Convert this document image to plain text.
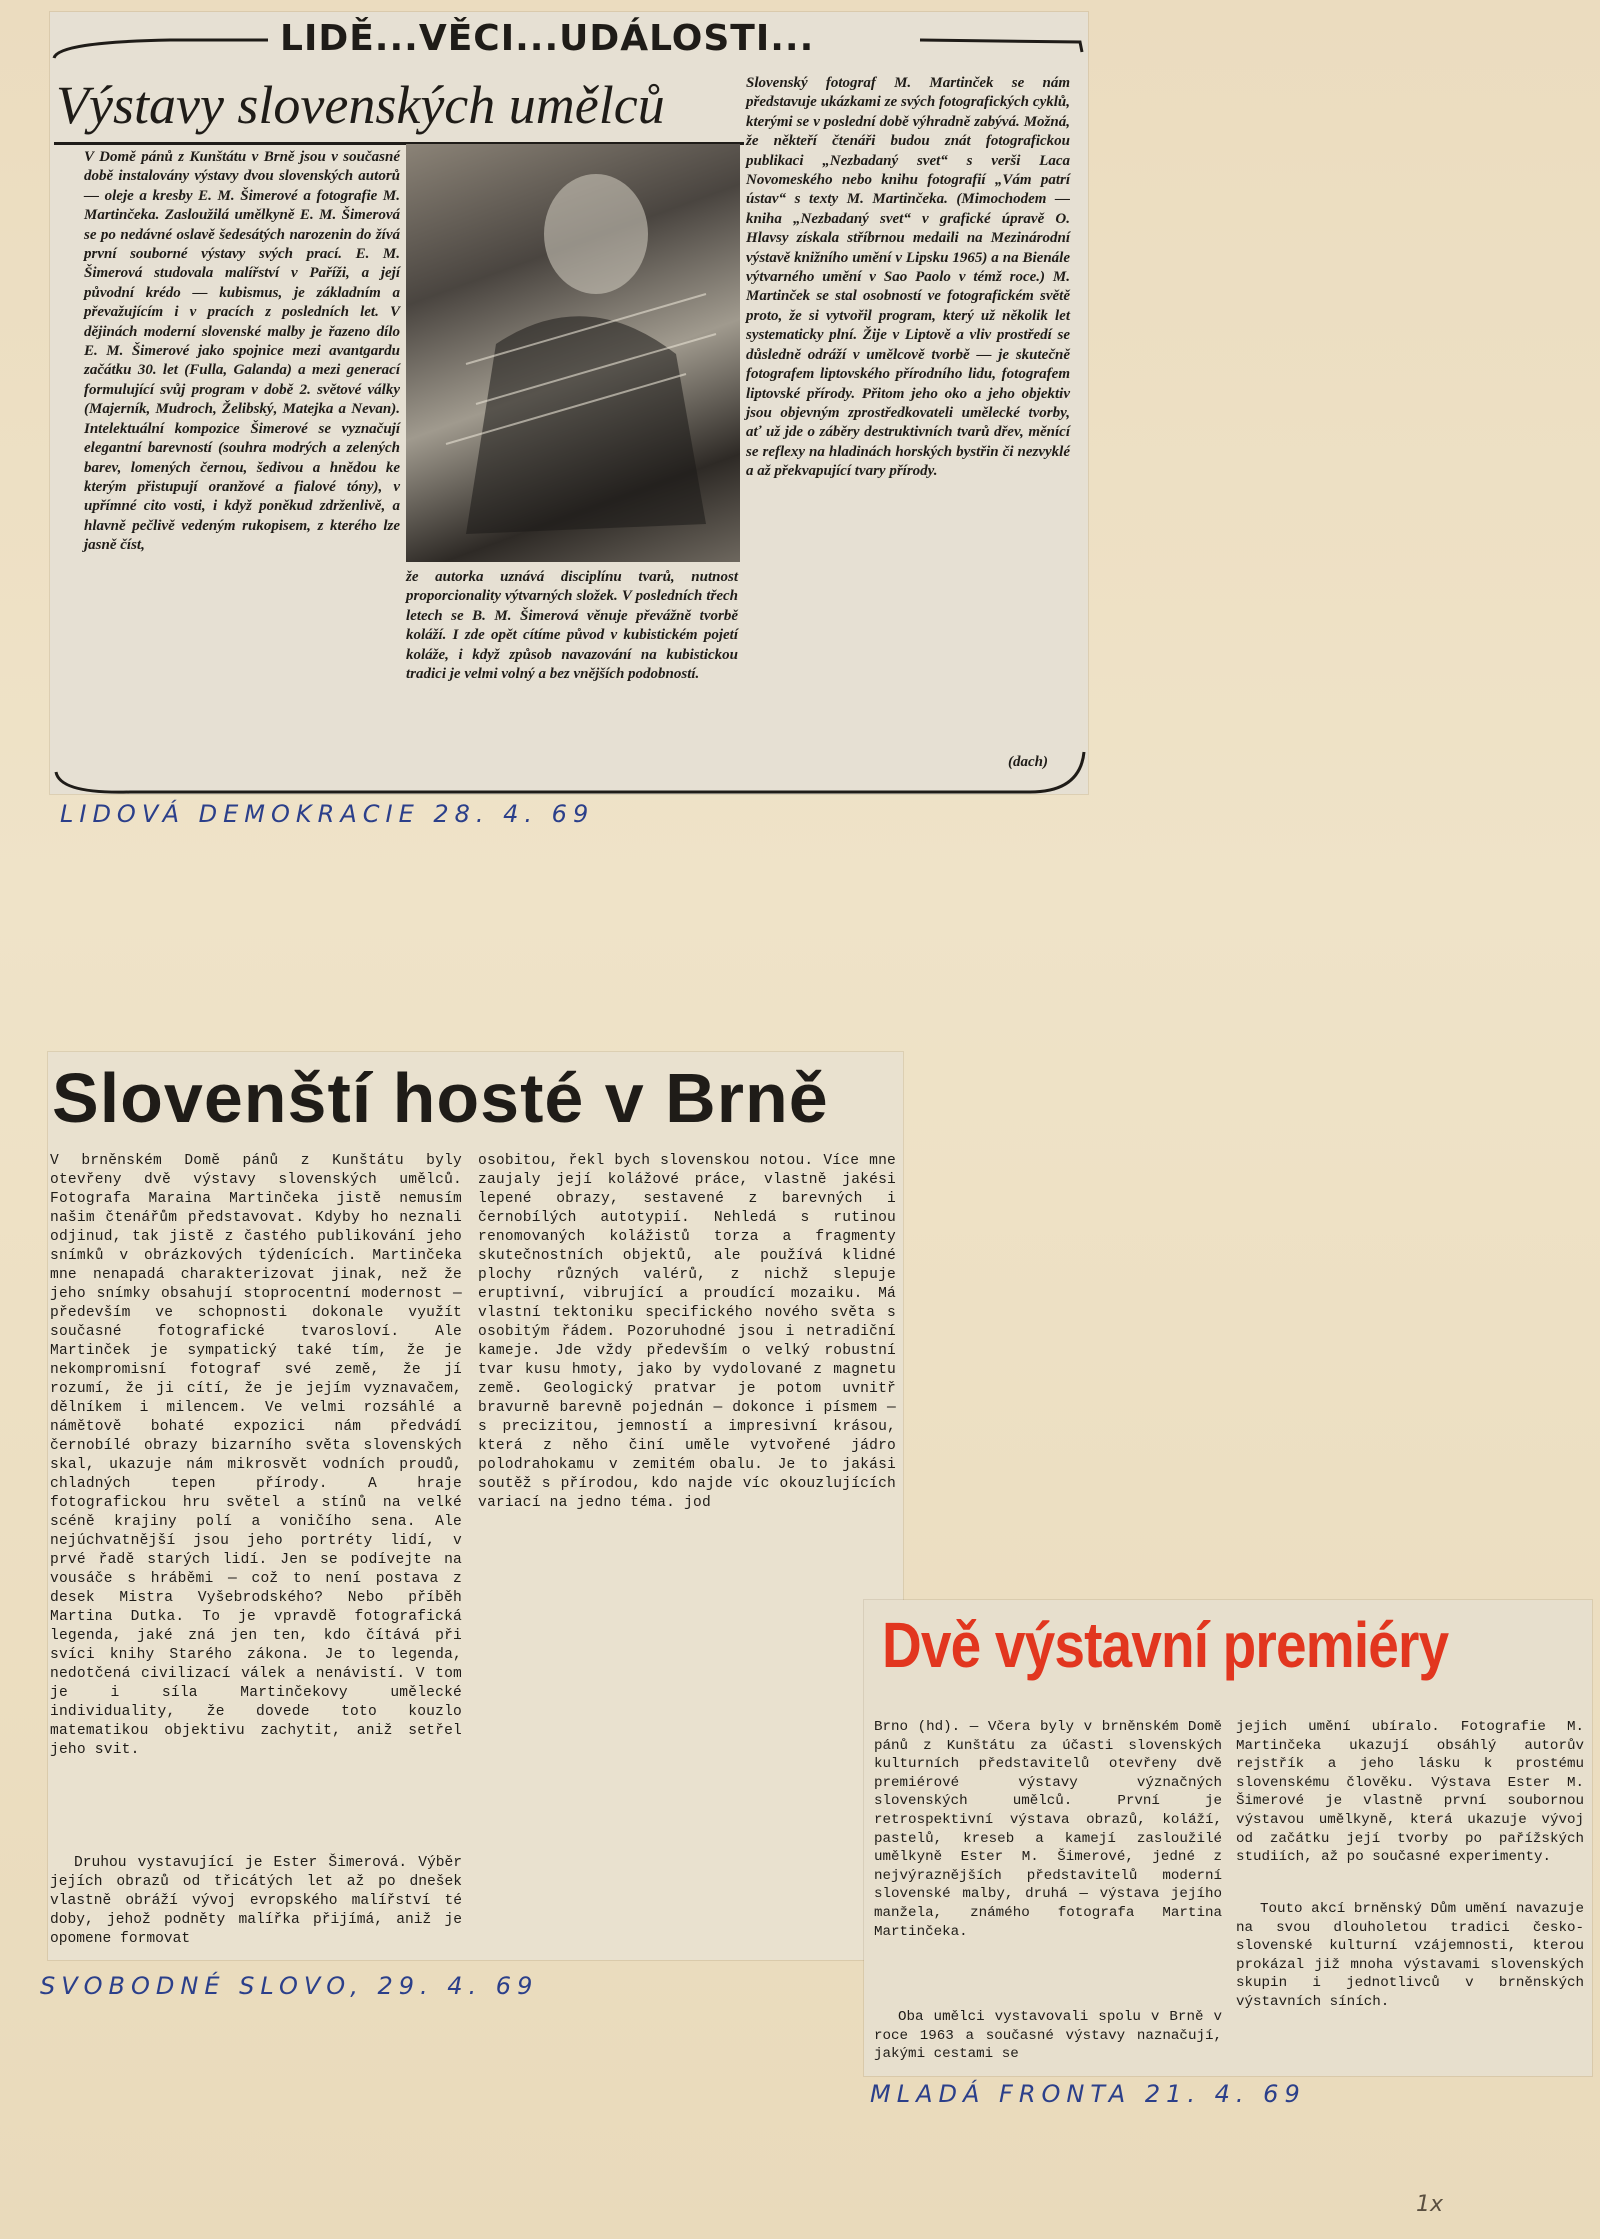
LIDĚ...VĚCI...UDÁLOSTI...
Výstavy slovenských umělců
V Domě pánů z Kunštátu v Brně jsou v současné době instalovány výstavy dvou slovenských autorů — oleje a kresby E. M. Šimerové a fotografie M. Martinčeka. Zasloužilá umělkyně E. M. Šimerová se po nedávné oslavě šedesátých narozenin do žívá první souborné výstavy svých prací. E. M. Šimerová studovala malířství v Paříži, a její původní krédo — kubismus, je základním a převažujícím i v pracích z posledních let. V dějinách moderní slovenské malby je řazeno dílo E. M. Šimerové jako spojnice mezi avantgardu začátku 30. let (Fulla, Galanda) a mezi generací formulující svůj program v době 2. světové války (Majerník, Mudroch, Želibský, Matejka a Nevan). Intelektuální kompozice Šimerové se vyznačují elegantní barevností (souhra modrých a zelených barev, lomených černou, šedivou a hnědou ke kterým přistupují oranžové a fialové tóny), v upřímné cito vosti, i když poněkud zdrženlivě, a hlavně pečlivě vedeným rukopisem, z kterého lze jasně číst,
že autorka uznává disciplínu tvarů, nutnost proporcionality výtvarných složek. V posledních třech letech se B. M. Šimerová věnuje převážně tvorbě koláží. I zde opět cítíme původ v kubistickém pojetí koláže, i když způsob navazování na kubistickou tradici je velmi volný a bez vnějších podobností.
Slovenský fotograf M. Martinček se nám představuje ukázkami ze svých fotografických cyklů, kterými se v poslední době výhradně zabývá. Možná, že někteří čtenáři budou znát fotografickou publikaci „Nezbadaný svet“ s verši Laca Novomeského nebo knihu fotografií „Vám patrí ústav“ s texty M. Martinčeka. (Mimochodem — kniha „Nezbadaný svet“ v grafické úpravě O. Hlavsy získala stříbrnou medaili na Mezinárodní výstavě knižního umění v Lipsku 1965) a na Bienále výtvarného umění v Sao Paolo v témž roce.) M. Martinček se stal osobností ve fotografickém světě proto, že si vytvořil program, který už několik let systematicky plní. Žije v Liptově a vliv prostředí se důsledně odráží v umělcově tvorbě — je skutečně fotografem liptovského přírodního lidu, fotografem liptovské přírody. Přitom jeho oko a jeho objektiv jsou objevným zprostředkovateli umělecké tvorby, ať už jde o záběry destruktivních tvarů dřev, měnící se reflexy na hladinách horských bystřin či nezvyklé a až překvapující tvary přírody.
(dach)
LIDOVÁ DEMOKRACIE 28. 4. 69
Slovenští hosté v Brně
V brněnském Domě pánů z Kunštátu byly otevřeny dvě výstavy slovenských umělců. Fotografa Maraina Martinčeka jistě nemusím našim čtenářům představovat. Kdyby ho neznali odjinud, tak jistě z častého publikování jeho snímků v obrázkových týdenících. Martinčeka mne nenapadá charakterizovat jinak, než že jeho snímky obsahují stoprocentní modernost — především ve schopnosti dokonale využít současné fotografické tvarosloví. Ale Martinček je sympatický také tím, že je nekompromisní fotograf své země, že jí rozumí, že ji cítí, že je jejím vyznavačem, dělníkem i milencem. Ve velmi rozsáhlé a námětově bohaté expozici nám předvádí černobílé obrazy bizarního světa slovenských skal, ukazuje nám mikrosvět vodních proudů, chladných tepen přírody. A hraje fotografickou hru světel a stínů na velké scéně krajiny polí a voničího sena. Ale nejúchvatnější jsou jeho portréty lidí, v prvé řadě starých lidí. Jen se podívejte na vousáče s hráběmi — což to není postava z desek Mistra Vyšebrodského? Nebo příběh Martina Dutka. To je vpravdě fotografická legenda, jaké zná jen ten, kdo čítává při svíci knihy Starého zákona. Je to legenda, nedotčená civilizací válek a nenávistí. V tom je i síla Martinčekovy umělecké individuality, že dovede toto kouzlo matematikou objektivu zachytit, aniž setřel jeho svit.
Druhou vystavující je Ester Šimerová. Výběr jejích obrazů od třicátých let až po dnešek vlastně obráží vývoj evropského malířství té doby, jehož podněty malířka přijímá, aniž je opomene formovat
osobitou, řekl bych slovenskou notou. Více mne zaujaly její kolážové práce, vlastně jakési lepené obrazy, sestavené z barevných i černobílých autotypií. Nehledá s rutinou renomovaných kolážistů torza a fragmenty skutečnostních objektů, ale používá klidné plochy různých valérů, z nichž slepuje eruptivní, vibrující a proudící mozaiku. Má vlastní tektoniku specifického nového světa s osobitým řádem. Pozoruhodné jsou i netradiční kameje. Jde vždy především o velký robustní tvar kusu hmoty, jako by vydolované z magnetu země. Geologický pratvar je potom uvnitř bravurně barevně pojednán — dokonce i písmem — s precizitou, jemností a impresivní krásou, která z něho činí uměle vytvořené jádro polodrahokamu v zemitém obalu. Je to jakási soutěž s přírodou, kdo najde víc okouzlujících variací na jedno téma. jod
SVOBODNÉ SLOVO, 29. 4. 69
Dvě výstavní premiéry
Brno (hd). — Včera byly v brněnském Domě pánů z Kunštátu za účasti slovenských kulturních představitelů otevřeny dvě premiérové výstavy význačných slovenských umělců. První je retrospektivní výstava obrazů, koláží, pastelů, kreseb a kamejí zasloužilé umělkyně Ester M. Šimerové, jedné z nejvýraznějších představitelů moderní slovenské malby, druhá — výstava jejího manžela, známého fotografa Martina Martinčeka.
Oba umělci vystavovali spolu v Brně v roce 1963 a současné výstavy naznačují, jakými cestami se
jejich umění ubíralo. Fotografie M. Martinčeka ukazují obsáhlý autorův rejstřík a jeho lásku k prostému slovenskému člověku. Výstava Ester M. Šimerové je vlastně první soubornou výstavou umělkyně, která ukazuje vývoj od začátku její tvorby po pařížských studiích, až po současné experimenty.
Touto akcí brněnský Dům umění navazuje na svou dlouholetou tradici česko-slovenské kulturní vzájemnosti, kterou prokázal již mnoha výstavami slovenských skupin i jednotlivců v brněnských výstavních síních.
MLADÁ FRONTA 21. 4. 69
1x
